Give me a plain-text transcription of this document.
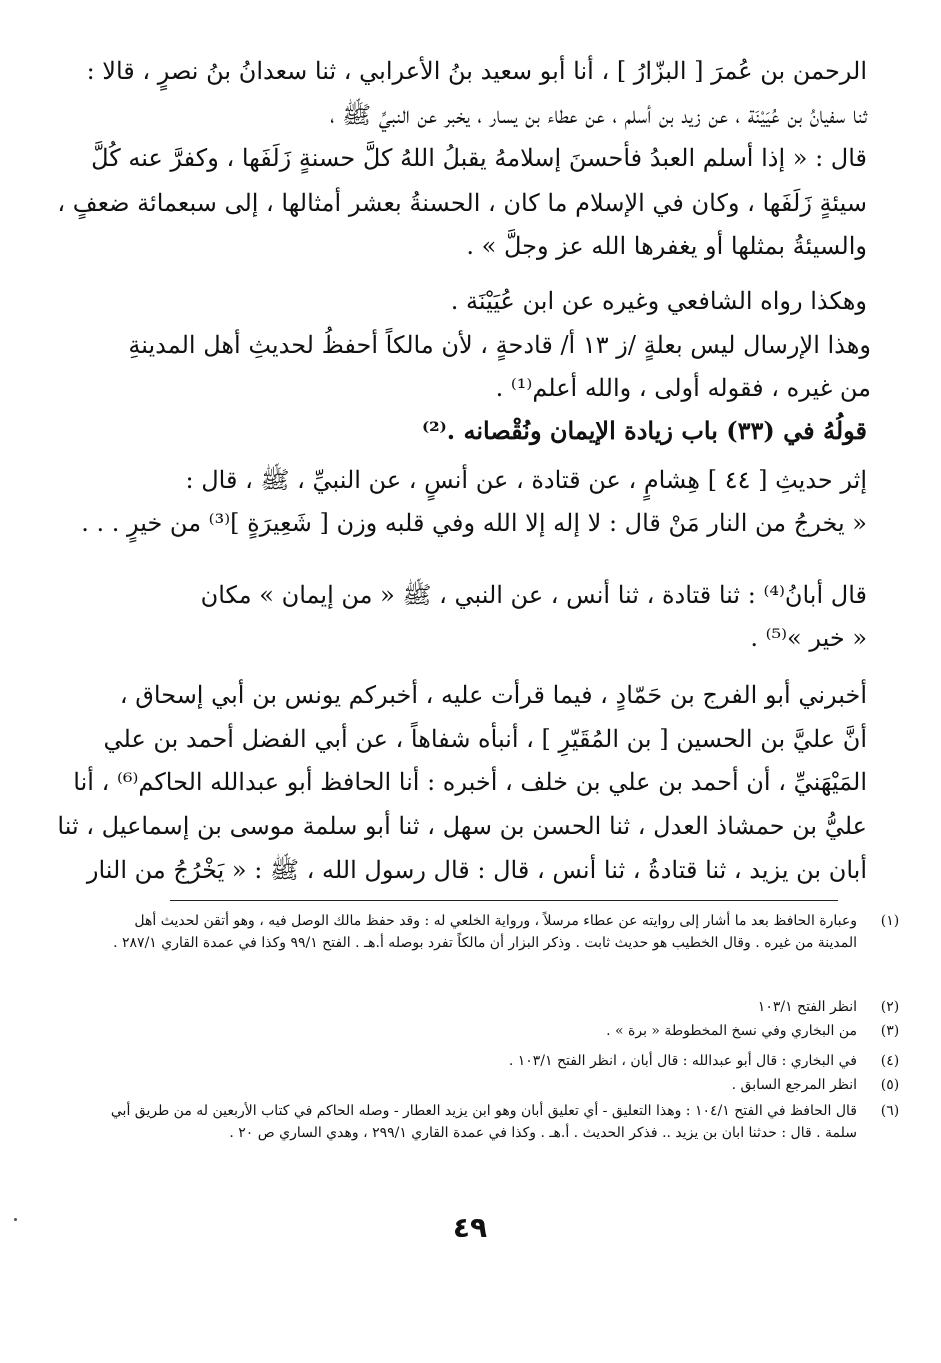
الرحمن بن عُمرَ [ البزّارُ ] ، أنا أبو سعيد بنُ الأعرابي ، ثنا سعدانُ بنُ نصرٍ ، قالا :
ثنا سفيانُ بن عُيَيْنَة ، عن زيد بن أسلم ، عن عطاء بن يسار ، يخبر عن النبيِّ ﷺ ،
قال : « إذا أسلم العبدُ فأحسنَ إسلامهُ يقبلُ اللهُ كلَّ حسنةٍ زَلَفَها ، وكفرَّ عنه كُلَّ
سيئةٍ زَلَفَها ، وكان في الإسلام ما كان ، الحسنةُ بعشر أمثالها ، إلى سبعمائة ضعفٍ ،
والسيئةُ بمثلها أو يغفرها الله عز وجلَّ » .
وهكذا رواه الشافعي وغيره عن ابن عُيَيْنَة .
وهذا الإرسال ليس بعلةٍ /ز ١٣ أ/ قادحةٍ ، لأن مالكاً أحفظُ لحديثِ أهل المدينةِ
من غيره ، فقوله أولى ، والله أعلم⁽¹⁾ .
قولُهُ في (٣٣) باب زيادة الإيمان ونُقْصانه .⁽²⁾
إثر حديثِ [ ٤٤ ] هِشامٍ ، عن قتادة ، عن أنسٍ ، عن النبيِّ ، ﷺ ، قال :
« يخرجُ من النار مَنْ قال : لا إله إلا الله وفي قلبه وزن [ شَعِيرَةٍ ]⁽³⁾ من خيرٍ . . .
قال أبانُ⁽⁴⁾ : ثنا قتادة ، ثنا أنس ، عن النبي ، ﷺ « من إيمان » مكان
« خير »⁽⁵⁾ .
أخبرني أبو الفرج بن حَمّادٍ ، فيما قرأت عليه ، أخبركم يونس بن أبي إسحاق ،
أنَّ عليَّ بن الحسين [ بن المُقَيّرِ ] ، أنبأه شفاهاً ، عن أبي الفضل أحمد بن علي
المَيْهَنيِّ ، أن أحمد بن علي بن خلف ، أخبره : أنا الحافظ أبو عبدالله الحاكم⁽⁶⁾ ، أنا
عليُّ بن حمشاذ العدل ، ثنا الحسن بن سهل ، ثنا أبو سلمة موسى بن إسماعيل ، ثنا
أبان بن يزيد ، ثنا قتادةُ ، ثنا أنس ، قال : قال رسول الله ، ﷺ : « يَخْرُجُ من النار
(١)
وعبارة الحافظ بعد ما أشار إلى روايته عن عطاء مرسلاً ، ورواية الخلعي له : وقد حفظ مالك الوصل فيه ، وهو أتقن لحديث أهل المدينة من غيره . وقال الخطيب هو حديث ثابت . وذكر البزار أن مالكاً تفرد بوصله أ.هـ . الفتح ٩٩/١ وكذا في عمدة القاري ٢٨٧/١ .
(٢)
انظر الفتح ١٠٣/١
(٣)
من البخاري وفي نسخ المخطوطة « برة » .
(٤)
في البخاري : قال أبو عبدالله : قال أبان ، انظر الفتح ١٠٣/١ .
(٥)
انظر المرجع السابق .
(٦)
قال الحافظ في الفتح ١٠٤/١ : وهذا التعليق - أي تعليق أبان وهو ابن يزيد العطار - وصله الحاكم في كتاب الأربعين له من طريق أبي سلمة . قال : حدثنا ابان بن يزيد .. فذكر الحديث . أ.هـ . وكذا في عمدة القاري ٢٩٩/١ ، وهدي الساري ص ٢٠ .
٤٩
